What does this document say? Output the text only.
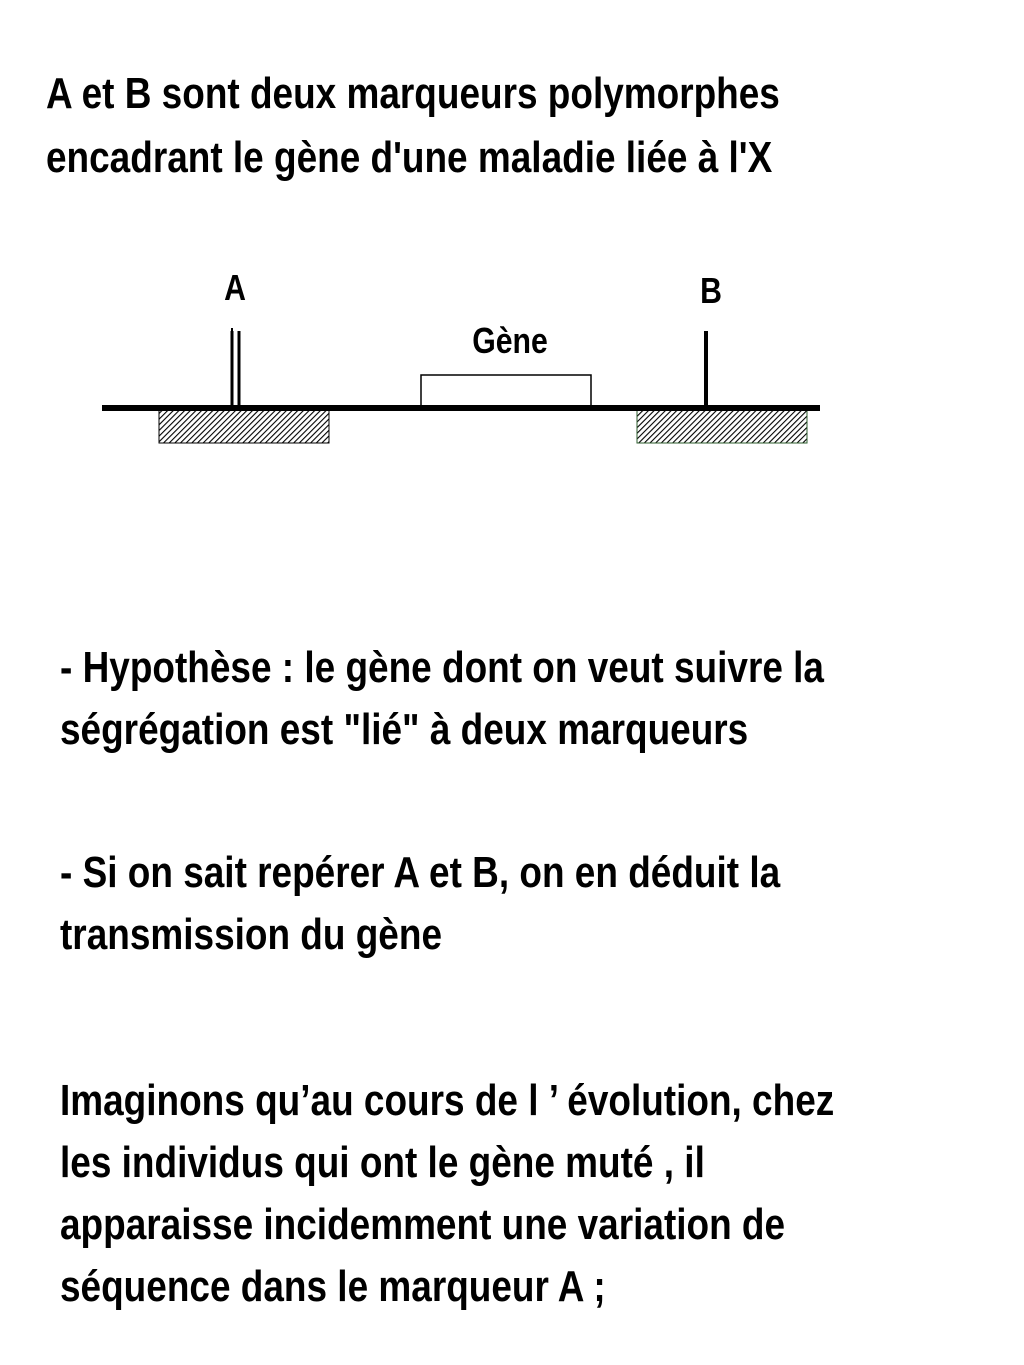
A et B sont deux marqueurs polymorphes
encadrant le gène d'une maladie liée à l'X
A	B
Gène

- Hypothèse : le gène dont on veut suivre la
ségrégation est "lié" à deux marqueurs

- Si on sait repérer A et B, on en déduit la
transmission du gène

Imaginons qu’au cours de l ’ évolution, chez
les individus qui ont le gène muté , il
apparaisse incidemment une variation de
séquence dans le marqueur A ;
